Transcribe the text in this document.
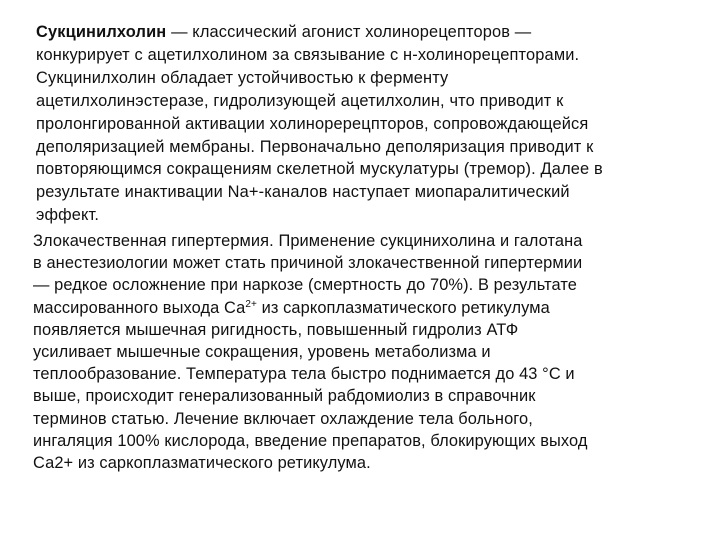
Сукцинилхолин — классический агонист холинорецепторов —
конкурирует с ацетилхолином за связывание с н-холинорецепторами.
Сукцинилхолин обладает устойчивостью к ферменту
ацетилхолинэстеразе, гидролизующей ацетилхолин, что приводит к
пролонгированной активации холиноререцпторов, сопровождающейся
деполяризацией мембраны. Первоначально деполяризация приводит к
повторяющимся сокращениям скелетной мускулатуры (тремор). Далее в
результате инактивации Na+-каналов наступает миопаралитический
эффект.
Злокачественная гипертермия. Применение сукцинихолина и галотана
в анестезиологии может стать причиной злокачественной гипертермии
— редкое осложнение при наркозе (смертность до 70%). В результате
массированного выхода $Са^{2+}$ из саркоплазматического ретикулума
появляется мышечная ригидность, повышенный гидролиз АТФ
усиливает мышечные сокращения, уровень метаболизма и
теплообразование. Температура тела быстро поднимается до 43 °C и
выше, происходит генерализованный рабдомиолиз в справочник
терминов статью. Лечение включает охлаждение тела больного,
ингаляция 100% кислорода, введение препаратов, блокирующих выход
Са2+ из саркоплазматического ретикулума.
